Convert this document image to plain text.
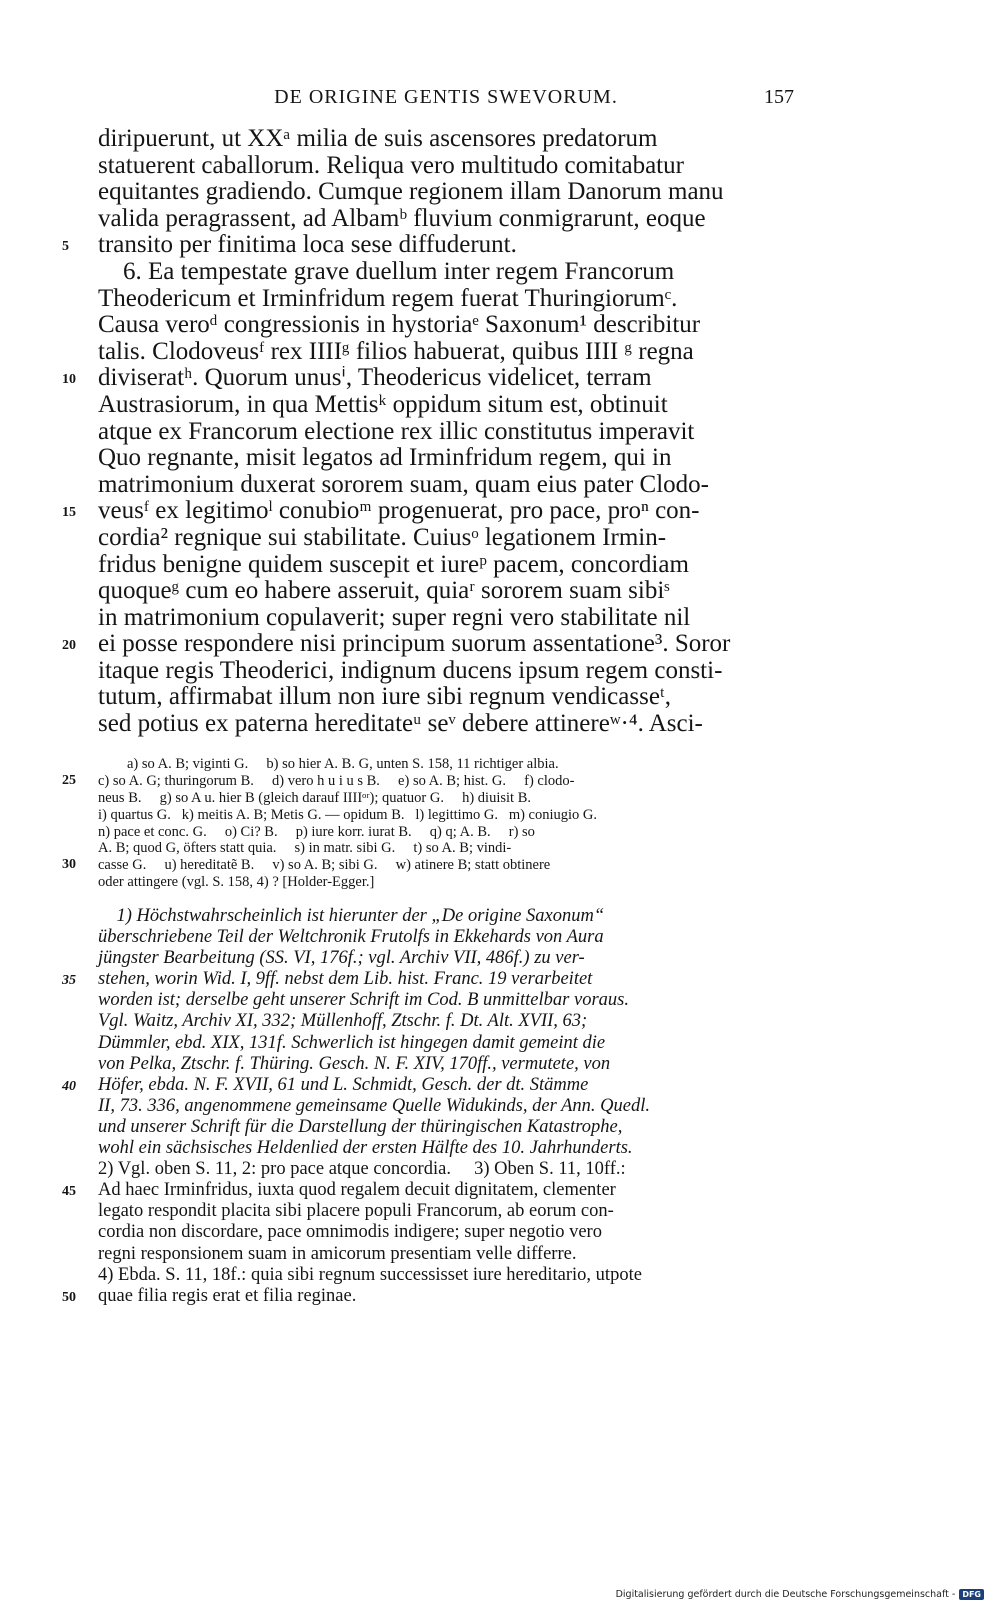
DE ORIGINE GENTIS SWEVORUM.	157
diripuerunt, ut XXᵃ milia de suis ascensores predatorum
statuerent caballorum. Reliqua vero multitudo comitabatur
equitantes gradiendo. Cumque regionem illam Danorum manu
valida peragrassent, ad Albamᵇ fluvium conmigrarunt, eoque
5 transito per finitima loca sese diffuderunt.
6. Ea tempestate grave duellum inter regem Francorum
Theodericum et Irminfridum regem fuerat Thuringiorumᶜ.
Causa veroᵈ congressionis in hystoriaᵉ Saxonum¹ describitur
talis. Clodoveusᶠ rex IIIIᵍ filios habuerat, quibus IIII ᵍ regna
10 diviseratʰ. Quorum unusⁱ, Theodericus videlicet, terram
Austrasiorum, in qua Mettisᵏ oppidum situm est, obtinuit
atque ex Francorum electione rex illic constitutus imperavit
Quo regnante, misit legatos ad Irminfridum regem, qui in
matrimonium duxerat sororem suam, quam eius pater Clodo-
15 veusᶠ ex legitimoˡ conubioᵐ progenuerat, pro pace, proⁿ con-
cordia² regnique sui stabilitate. Cuiusᵒ legationem Irmin-
fridus benigne quidem suscepit et iureᵖ pacem, concordiam
quoqueᵍ cum eo habere asseruit, quiaʳ sororem suam sibiˢ
in matrimonium copulaverit; super regni vero stabilitate nil
20 ei posse respondere nisi principum suorum assentatione³. Soror
itaque regis Theoderici, indignum ducens ipsum regem consti-
tutum, affirmabat illum non iure sibi regnum vendicasseᵗ,
sed potius ex paterna hereditateᵘ seᵛ debere attinereʷ·⁴. Asci-
a) so A. B; viginti G.     b) so hier A. B. G, unten S. 158, 11 richtiger albia.
25 c) so A. G; thuringorum B.     d) vero h u i u s B.     e) so A. B; hist. G.     f) clodo-
neus B.     g) so A u. hier B (gleich darauf IIIIᵒʳ); quatuor G.     h) diuisit B.
i) quartus G.   k) meitis A. B; Metis G. — opidum B.   l) legittimo G.   m) coniugio G.
n) pace et conc. G.     o) Ci? B.     p) iure korr. iurat B.     q) q; A. B.     r) so
A. B; quod G, öfters statt quia.     s) in matr. sibi G.     t) so A. B; vindi-
30 casse G.     u) hereditatẽ B.     v) so A. B; sibi G.     w) atinere B; statt obtinere
oder attingere (vgl. S. 158, 4) ? [Holder-Egger.]
1) Höchstwahrscheinlich ist hierunter der „De origine Saxonum“
überschriebene Teil der Weltchronik Frutolfs in Ekkehards von Aura
jüngster Bearbeitung (SS. VI, 176f.; vgl. Archiv VII, 486f.) zu ver-
35 stehen, worin Wid. I, 9ff. nebst dem Lib. hist. Franc. 19 verarbeitet
worden ist; derselbe geht unserer Schrift im Cod. B unmittelbar voraus.
Vgl. Waitz, Archiv XI, 332; Müllenhoff, Ztschr. f. Dt. Alt. XVII, 63;
Dümmler, ebd. XIX, 131f. Schwerlich ist hingegen damit gemeint die
von Pelka, Ztschr. f. Thüring. Gesch. N. F. XIV, 170ff., vermutete, von
40 Höfer, ebda. N. F. XVII, 61 und L. Schmidt, Gesch. der dt. Stämme
II, 73. 336, angenommene gemeinsame Quelle Widukinds, der Ann. Quedl.
und unserer Schrift für die Darstellung der thüringischen Katastrophe,
wohl ein sächsisches Heldenlied der ersten Hälfte des 10. Jahrhunderts.
2) Vgl. oben S. 11, 2: pro pace atque concordia.     3) Oben S. 11, 10ff.:
45 Ad haec Irminfridus, iuxta quod regalem decuit dignitatem, clementer
legato respondit placita sibi placere populi Francorum, ab eorum con-
cordia non discordare, pace omnimodis indigere; super negotio vero
regni responsionem suam in amicorum presentiam velle differre.
4) Ebda. S. 11, 18f.: quia sibi regnum successisset iure hereditario, utpote
50 quae filia regis erat et filia reginae.
Digitalisierung gefördert durch die Deutsche Forschungsgemeinschaft - DFG
